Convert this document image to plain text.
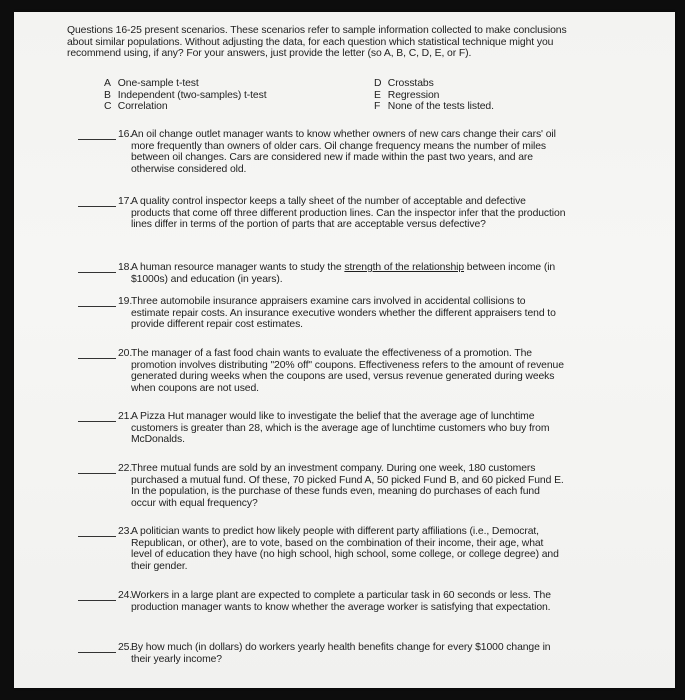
Questions 16-25 present scenarios. These scenarios refer to sample information collected to make conclusions about similar populations. Without adjusting the data, for each question which statistical technique might you recommend using, if any? For your answers, just provide the letter (so A, B, C, D, E, or F).
A One-sample t-test
B Independent (two-samples) t-test
C Correlation
D Crosstabs
E Regression
F None of the tests listed.
16.
An oil change outlet manager wants to know whether owners of new cars change their cars' oil more frequently than owners of older cars. Oil change frequency means the number of miles between oil changes. Cars are considered new if made within the past two years, and are otherwise considered old.
17.
A quality control inspector keeps a tally sheet of the number of acceptable and defective products that come off three different production lines. Can the inspector infer that the production lines differ in terms of the portion of parts that are acceptable versus defective?
18.
A human resource manager wants to study the strength of the relationship between income (in $1000s) and education (in years).
19.
Three automobile insurance appraisers examine cars involved in accidental collisions to estimate repair costs. An insurance executive wonders whether the different appraisers tend to provide different repair cost estimates.
20.
The manager of a fast food chain wants to evaluate the effectiveness of a promotion. The promotion involves distributing "20% off" coupons. Effectiveness refers to the amount of revenue generated during weeks when the coupons are used, versus revenue generated during weeks when coupons are not used.
21.
A Pizza Hut manager would like to investigate the belief that the average age of lunchtime customers is greater than 28, which is the average age of lunchtime customers who buy from McDonalds.
22.
Three mutual funds are sold by an investment company. During one week, 180 customers purchased a mutual fund. Of these, 70 picked Fund A, 50 picked Fund B, and 60 picked Fund E. In the population, is the purchase of these funds even, meaning do purchases of each fund occur with equal frequency?
23.
A politician wants to predict how likely people with different party affiliations (i.e., Democrat, Republican, or other), are to vote, based on the combination of their income, their age, what level of education they have (no high school, high school, some college, or college degree) and their gender.
24.
Workers in a large plant are expected to complete a particular task in 60 seconds or less. The production manager wants to know whether the average worker is satisfying that expectation.
25.
By how much (in dollars) do workers yearly health benefits change for every $1000 change in their yearly income?
